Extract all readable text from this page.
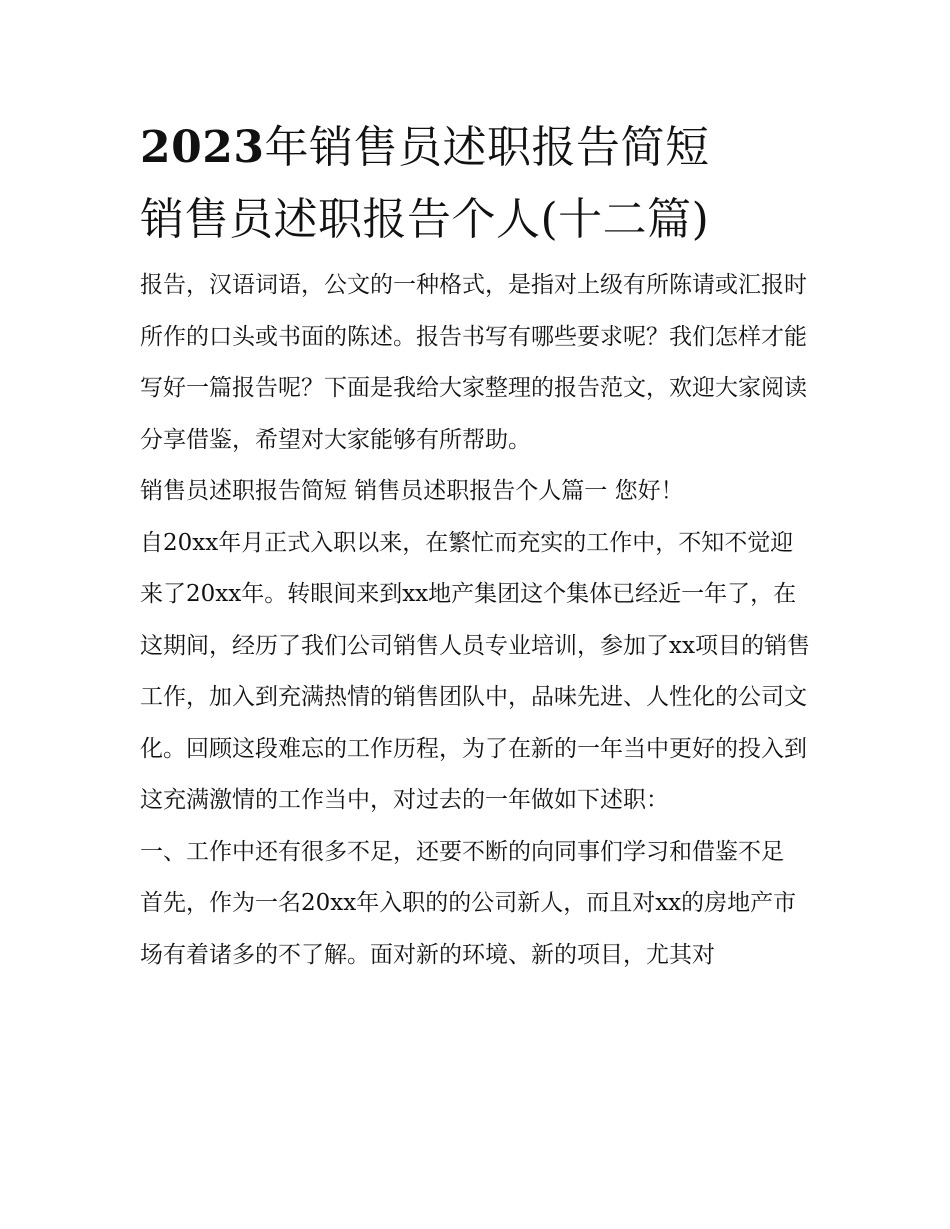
2023年销售员述职报告简短
销售员述职报告个人(十二篇)

报告，汉语词语，公文的一种格式，是指对上级有所陈请或汇报时所作的口头或书面的陈述。报告书写有哪些要求呢？我们怎样才能写好一篇报告呢？下面是我给大家整理的报告范文，欢迎大家阅读分享借鉴，希望对大家能够有所帮助。

销售员述职报告简短 销售员述职报告个人篇一 您好！

自20xx年月正式入职以来，在繁忙而充实的工作中，不知不觉迎来了20xx年。转眼间来到xx地产集团这个集体已经近一年了，在这期间，经历了我们公司销售人员专业培训，参加了xx项目的销售工作，加入到充满热情的销售团队中，品味先进、人性化的公司文化。回顾这段难忘的工作历程，为了在新的一年当中更好的投入到这充满激情的工作当中，对过去的一年做如下述职：

一、工作中还有很多不足，还要不断的向同事们学习和借鉴不足

首先，作为一名20xx年入职的的公司新人，而且对xx的房地产市场有着诸多的不了解。面对新的环境、新的项目，尤其对
